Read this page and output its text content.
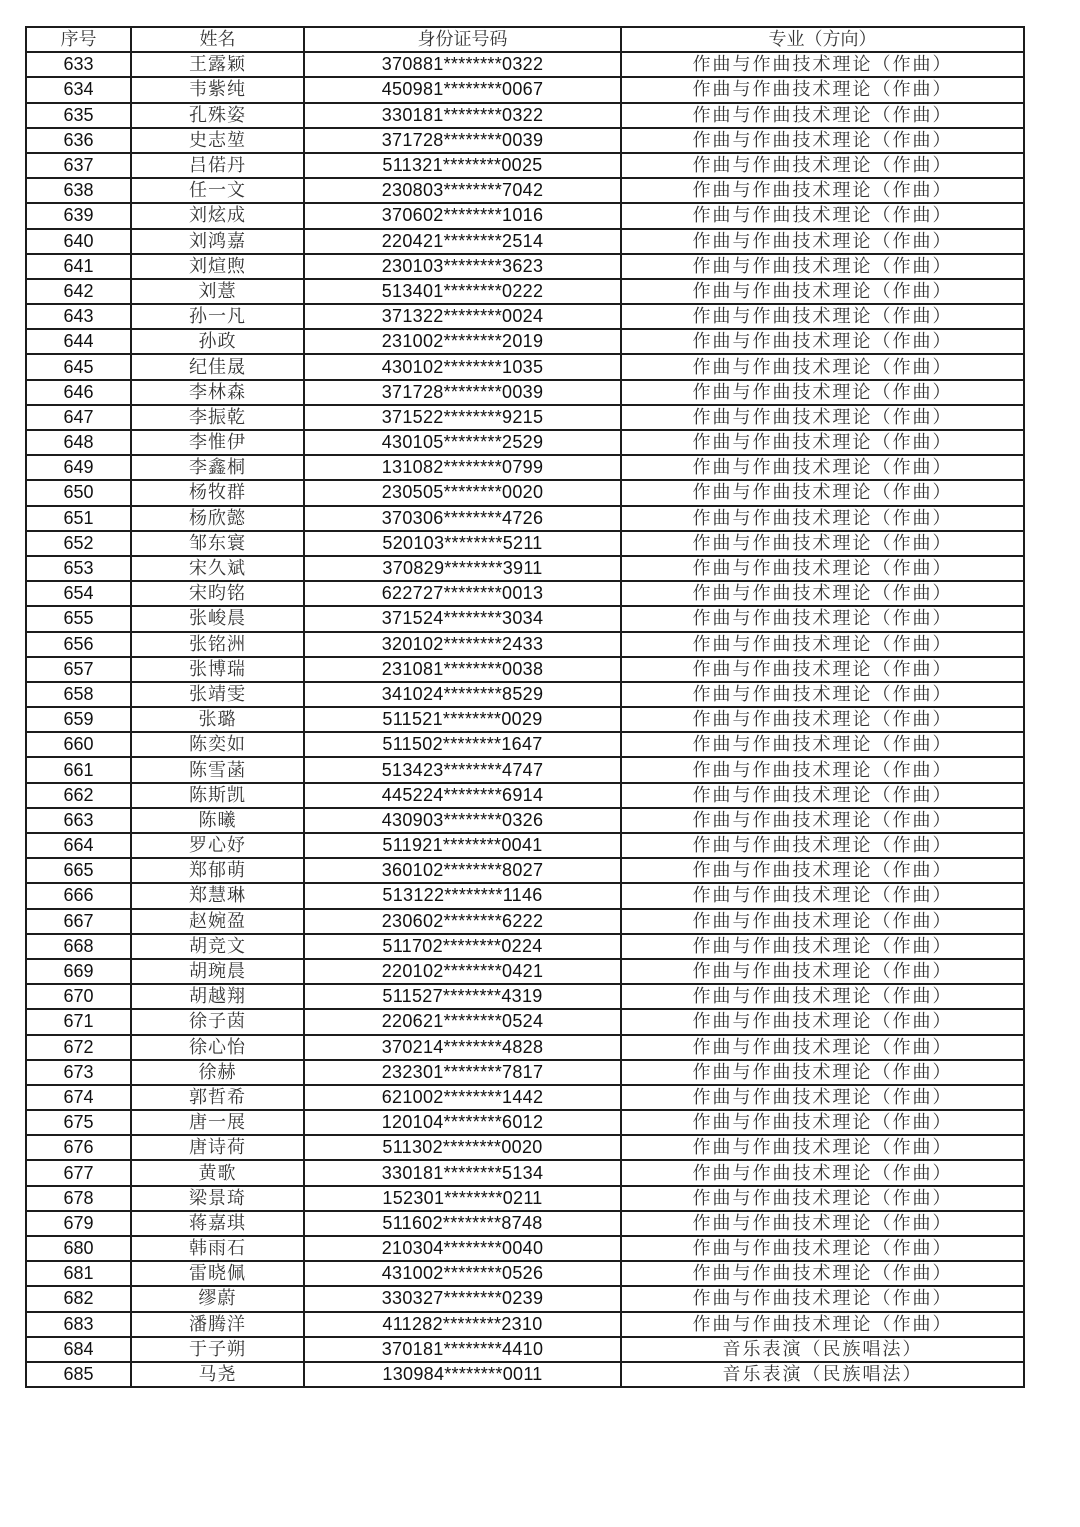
序号	姓名	身份证号码	专业（方向）
633	王露颖	370881********0322	作曲与作曲技术理论（作曲）
634	韦紫纯	450981********0067	作曲与作曲技术理论（作曲）
635	孔殊姿	330181********0322	作曲与作曲技术理论（作曲）
636	史志堃	371728********0039	作曲与作曲技术理论（作曲）
637	吕偌丹	511321********0025	作曲与作曲技术理论（作曲）
638	任一文	230803********7042	作曲与作曲技术理论（作曲）
639	刘炫成	370602********1016	作曲与作曲技术理论（作曲）
640	刘鸿嘉	220421********2514	作曲与作曲技术理论（作曲）
641	刘煊煦	230103********3623	作曲与作曲技术理论（作曲）
642	刘薏	513401********0222	作曲与作曲技术理论（作曲）
643	孙一凡	371322********0024	作曲与作曲技术理论（作曲）
644	孙政	231002********2019	作曲与作曲技术理论（作曲）
645	纪佳晟	430102********1035	作曲与作曲技术理论（作曲）
646	李林森	371728********0039	作曲与作曲技术理论（作曲）
647	李振乾	371522********9215	作曲与作曲技术理论（作曲）
648	李惟伊	430105********2529	作曲与作曲技术理论（作曲）
649	李鑫桐	131082********0799	作曲与作曲技术理论（作曲）
650	杨牧群	230505********0020	作曲与作曲技术理论（作曲）
651	杨欣懿	370306********4726	作曲与作曲技术理论（作曲）
652	邹东寰	520103********5211	作曲与作曲技术理论（作曲）
653	宋久斌	370829********3911	作曲与作曲技术理论（作曲）
654	宋昀铭	622727********0013	作曲与作曲技术理论（作曲）
655	张峻晨	371524********3034	作曲与作曲技术理论（作曲）
656	张铭洲	320102********2433	作曲与作曲技术理论（作曲）
657	张博瑞	231081********0038	作曲与作曲技术理论（作曲）
658	张靖雯	341024********8529	作曲与作曲技术理论（作曲）
659	张璐	511521********0029	作曲与作曲技术理论（作曲）
660	陈奕如	511502********1647	作曲与作曲技术理论（作曲）
661	陈雪菡	513423********4747	作曲与作曲技术理论（作曲）
662	陈斯凯	445224********6914	作曲与作曲技术理论（作曲）
663	陈曦	430903********0326	作曲与作曲技术理论（作曲）
664	罗心妤	511921********0041	作曲与作曲技术理论（作曲）
665	郑郁萌	360102********8027	作曲与作曲技术理论（作曲）
666	郑慧琳	513122********1146	作曲与作曲技术理论（作曲）
667	赵婉盈	230602********6222	作曲与作曲技术理论（作曲）
668	胡竞文	511702********0224	作曲与作曲技术理论（作曲）
669	胡琬晨	220102********0421	作曲与作曲技术理论（作曲）
670	胡越翔	511527********4319	作曲与作曲技术理论（作曲）
671	徐子茵	220621********0524	作曲与作曲技术理论（作曲）
672	徐心怡	370214********4828	作曲与作曲技术理论（作曲）
673	徐赫	232301********7817	作曲与作曲技术理论（作曲）
674	郭哲希	621002********1442	作曲与作曲技术理论（作曲）
675	唐一展	120104********6012	作曲与作曲技术理论（作曲）
676	唐诗荷	511302********0020	作曲与作曲技术理论（作曲）
677	黄歌	330181********5134	作曲与作曲技术理论（作曲）
678	梁景琦	152301********0211	作曲与作曲技术理论（作曲）
679	蒋嘉琪	511602********8748	作曲与作曲技术理论（作曲）
680	韩雨石	210304********0040	作曲与作曲技术理论（作曲）
681	雷晓佩	431002********0526	作曲与作曲技术理论（作曲）
682	缪蔚	330327********0239	作曲与作曲技术理论（作曲）
683	潘腾洋	411282********2310	作曲与作曲技术理论（作曲）
684	于子朔	370181********4410	音乐表演（民族唱法）
685	马尧	130984********0011	音乐表演（民族唱法）
